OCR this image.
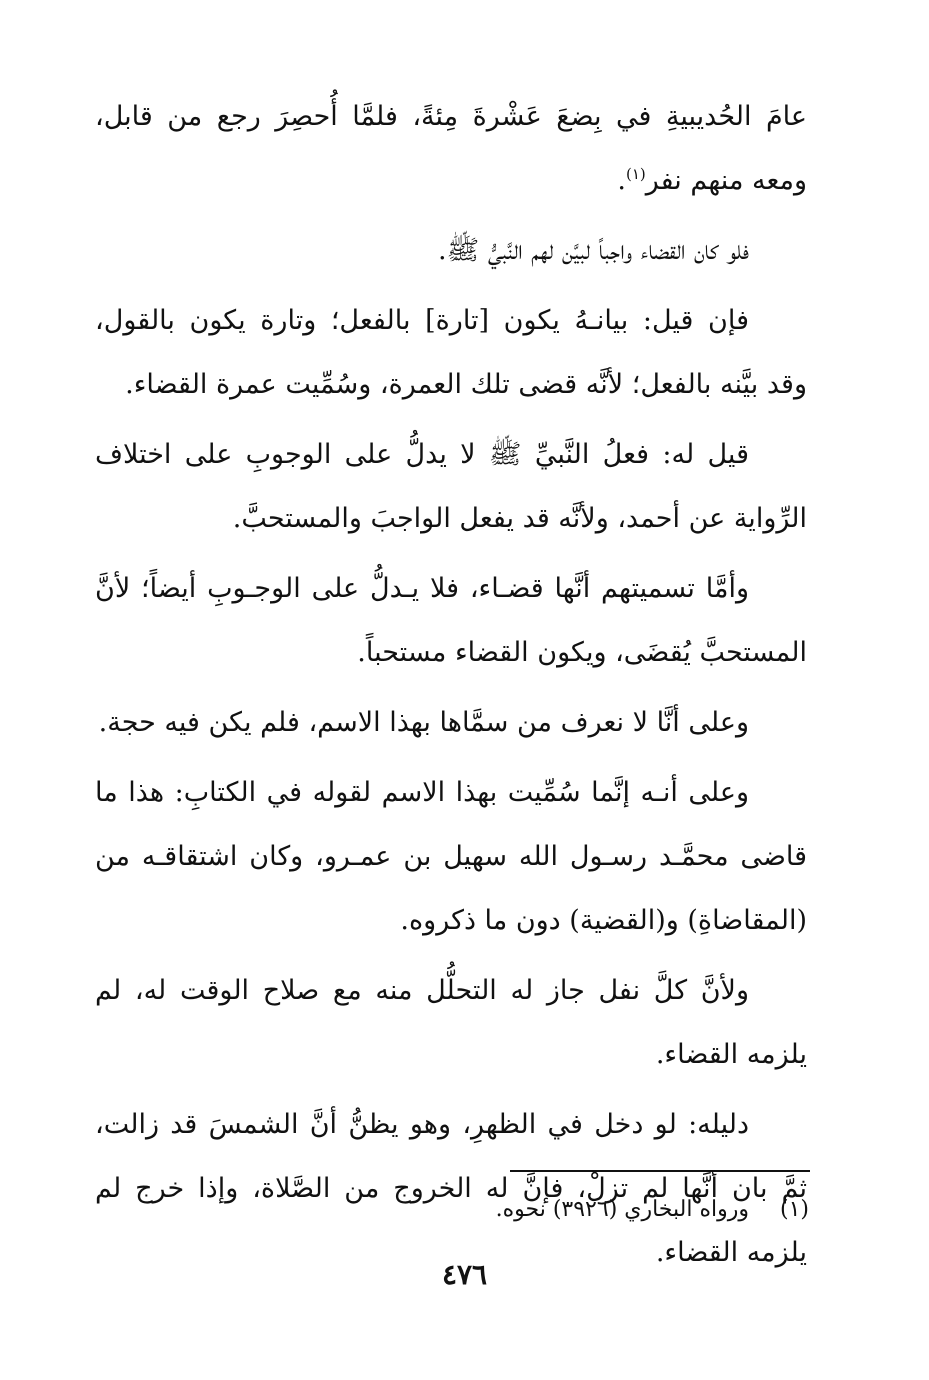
عامَ الحُديبيةِ في بِضعَ عَشْرةَ مِئةً، فلمَّا أُحصِرَ رجع من قابل، ومعه منهم نفر$^{(١)}$.

فلو كان القضاء واجباً لبيَّن لهم النَّبيُّ ﷺ.

فإن قيل: بيانـهُ يكون [تارة] بالفعل؛ وتارة يكون بالقول، وقد بيَّنه بالفعل؛ لأنَّه قضى تلك العمرة، وسُمِّيت عمرة القضاء.

قيل له: فعلُ النَّبيِّ ﷺ لا يدلُّ على الوجوبِ على اختلاف الرِّواية عن أحمد، ولأنَّه قد يفعل الواجبَ والمستحبَّ.

وأمَّا تسميتهم أنَّها قضـاء، فلا يـدلُّ على الوجـوبِ أيضاً؛ لأنَّ المستحبَّ يُقضَى، ويكون القضاء مستحباً.

وعلى أنَّا لا نعرف من سمَّاها بهذا الاسم، فلم يكن فيه حجة.

وعلى أنـه إنَّما سُمِّيت بهذا الاسم لقوله في الكتابِ: هذا ما قاضى محمَّـد رسـول الله سهيل بن عمـرو، وكان اشتقاقـه من (المقاضاةِ) و(القضية) دون ما ذكروه.

ولأنَّ كلَّ نفل جاز له التحلُّل منه مع صلاح الوقت له، لم يلزمه القضاء.

دليله: لو دخل في الظهرِ، وهو يظنُّ أنَّ الشمسَ قد زالت، ثمَّ بان أنَّها لم تزلْ، فإنَّ له الخروج من الصَّلاة، وإذا خرج لم يلزمه القضاء.

(١) ورواه البخاري (٣٩٢٦) نحوه.
٤٧٦
